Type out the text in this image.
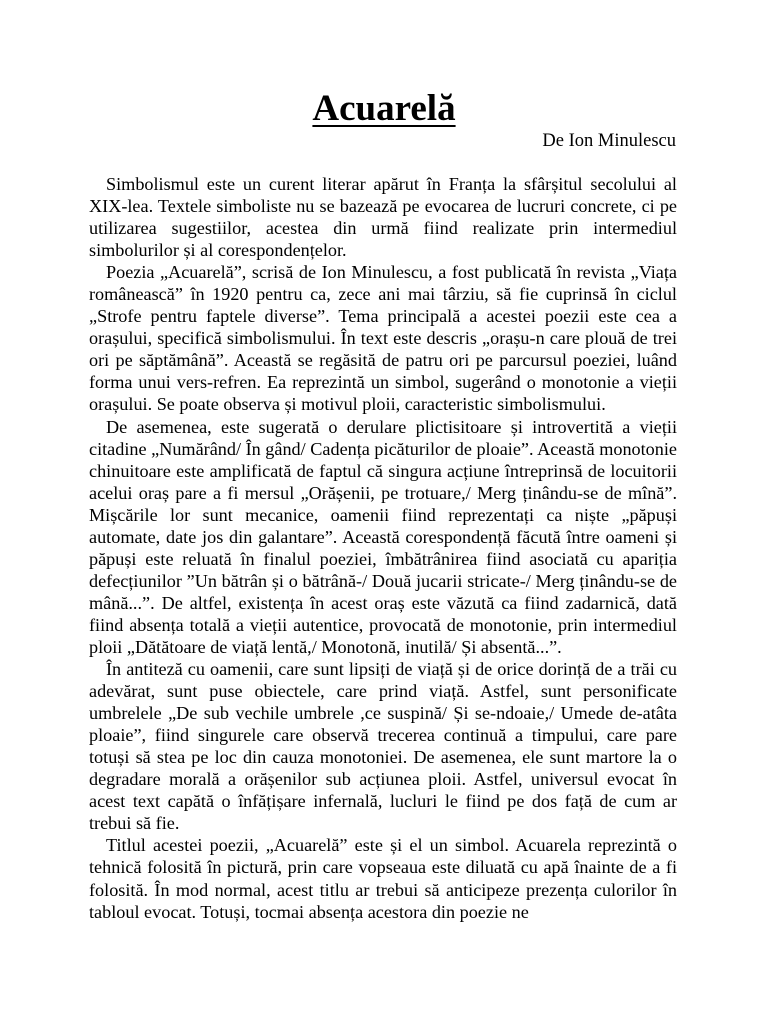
Acuarelă
De Ion Minulescu

Simbolismul este un curent literar apărut în Franța la sfârșitul secolului al XIX-lea. Textele simboliste nu se bazează pe evocarea de lucruri concrete, ci pe utilizarea sugestiilor, acestea din urmă fiind realizate prin intermediul simbolurilor și al corespondențelor.

Poezia „Acuarelă”, scrisă de Ion Minulescu, a fost publicată în revista „Viața românească” în 1920 pentru ca, zece ani mai târziu, să fie cuprinsă în ciclul „Strofe pentru faptele diverse”. Tema principală a acestei poezii este cea a orașului, specifică simbolismului. În text este descris „orașu-n care plouă de trei ori pe săptămână”. Această se regăsită de patru ori pe parcursul poeziei, luând forma unui vers-refren. Ea reprezintă un simbol, sugerând o monotonie a vieții orașului. Se poate observa și motivul ploii, caracteristic simbolismului.

De asemenea, este sugerată o derulare plictisitoare și introvertită a vieții citadine „Numărând/ În gând/ Cadența picăturilor de ploaie”. Această monotonie chinuitoare este amplificată de faptul că singura acțiune întreprinsă de locuitorii acelui oraș pare a fi mersul „Orășenii, pe trotuare,/ Merg ținându-se de mînă”. Mișcările lor sunt mecanice, oamenii fiind reprezentați ca niște „păpuși automate, date jos din galantare”. Această corespondență făcută între oameni și păpuși este reluată în finalul poeziei, îmbătrânirea fiind asociată cu apariția defecțiunilor ”Un bătrân și o bătrână-/ Două jucarii stricate-/ Merg ținându-se de mână...”. De altfel, existența în acest oraș este văzută ca fiind zadarnică, dată fiind absența totală a vieții autentice, provocată de monotonie, prin intermediul ploii „Dătătoare de viață lentă,/ Monotonă, inutilă/ Și absentă...”.

În antiteză cu oamenii, care sunt lipsiți de viață și de orice dorință de a trăi cu adevărat, sunt puse obiectele, care prind viață. Astfel, sunt personificate umbrelele „De sub vechile umbrele ,ce suspină/ Și se-ndoaie,/ Umede de-atâta ploaie”, fiind singurele care observă trecerea continuă a timpului, care pare totuși să stea pe loc din cauza monotoniei. De asemenea, ele sunt martore la o degradare morală a orășenilor sub acțiunea ploii. Astfel, universul evocat în acest text capătă o înfățișare infernală, lucluri le fiind pe dos față de cum ar trebui să fie.

Titlul acestei poezii, „Acuarelă” este și el un simbol. Acuarela reprezintă o tehnică folosită în pictură, prin care vopseaua este diluată cu apă înainte de a fi folosită. În mod normal, acest titlu ar trebui să anticipeze prezența culorilor în tabloul evocat. Totuși, tocmai absența acestora din poezie ne
